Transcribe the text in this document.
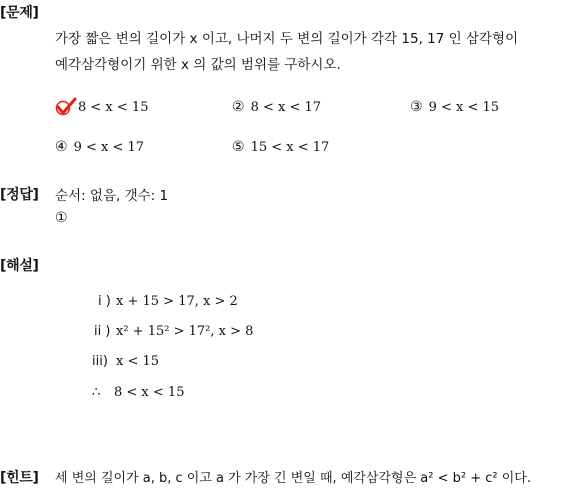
[문제]
가장 짧은 변의 길이가 x 이고, 나머지 두 변의 길이가 각각 15, 17 인 삼각형이
예각삼각형이기 위한 x 의 값의 범위를 구하시오.
8 < x < 15	② 8 < x < 17	③ 9 < x < 15
④ 9 < x < 17	⑤ 15 < x < 17
[정답] 순서: 없음, 갯수: 1
①
[해설]
i ) x + 15 > 17, x > 2
ii ) x² + 15² > 17², x > 8
iii) x < 15
∴ 8 < x < 15
[힌트] 세 변의 길이가 a, b, c 이고 a 가 가장 긴 변일 때, 예각삼각형은 a² < b² + c² 이다.
